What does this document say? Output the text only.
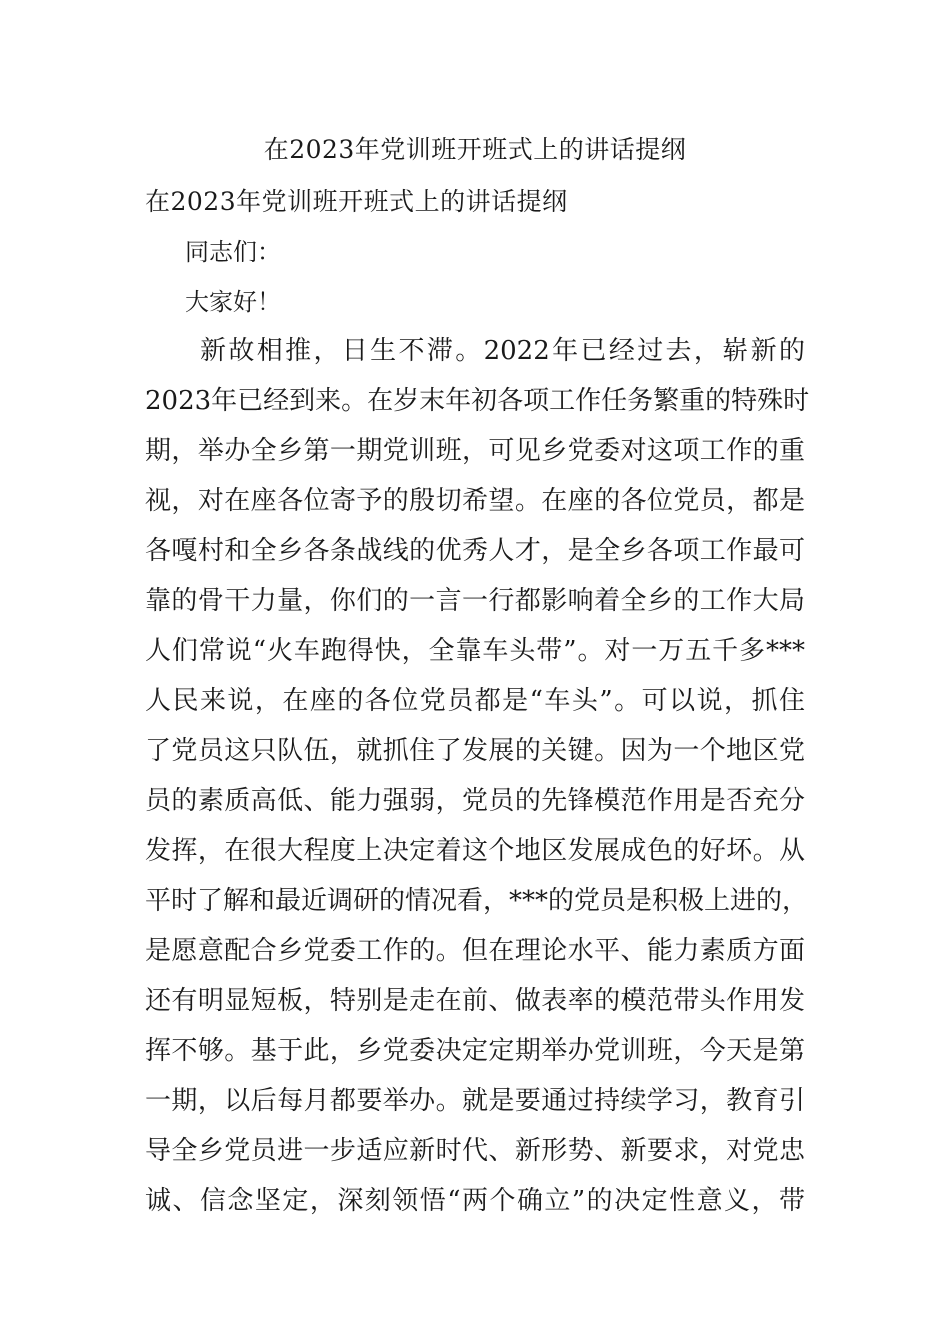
在2023年党训班开班式上的讲话提纲
在2023年党训班开班式上的讲话提纲
同志们：
大家好！
新故相推，日生不滞。2022年已经过去，崭新的
2023年已经到来。在岁末年初各项工作任务繁重的特殊时
期，举办全乡第一期党训班，可见乡党委对这项工作的重
视，对在座各位寄予的殷切希望。在座的各位党员，都是
各嘎村和全乡各条战线的优秀人才，是全乡各项工作最可
靠的骨干力量，你们的一言一行都影响着全乡的工作大局
人们常说“火车跑得快，全靠车头带”。对一万五千多***
人民来说，在座的各位党员都是“车头”。可以说，抓住
了党员这只队伍，就抓住了发展的关键。因为一个地区党
员的素质高低、能力强弱，党员的先锋模范作用是否充分
发挥，在很大程度上决定着这个地区发展成色的好坏。从
平时了解和最近调研的情况看，***的党员是积极上进的，
是愿意配合乡党委工作的。但在理论水平、能力素质方面
还有明显短板，特别是走在前、做表率的模范带头作用发
挥不够。基于此，乡党委决定定期举办党训班，今天是第
一期，以后每月都要举办。就是要通过持续学习，教育引
导全乡党员进一步适应新时代、新形势、新要求，对党忠
诚、信念坚定，深刻领悟“两个确立”的决定性意义，带
